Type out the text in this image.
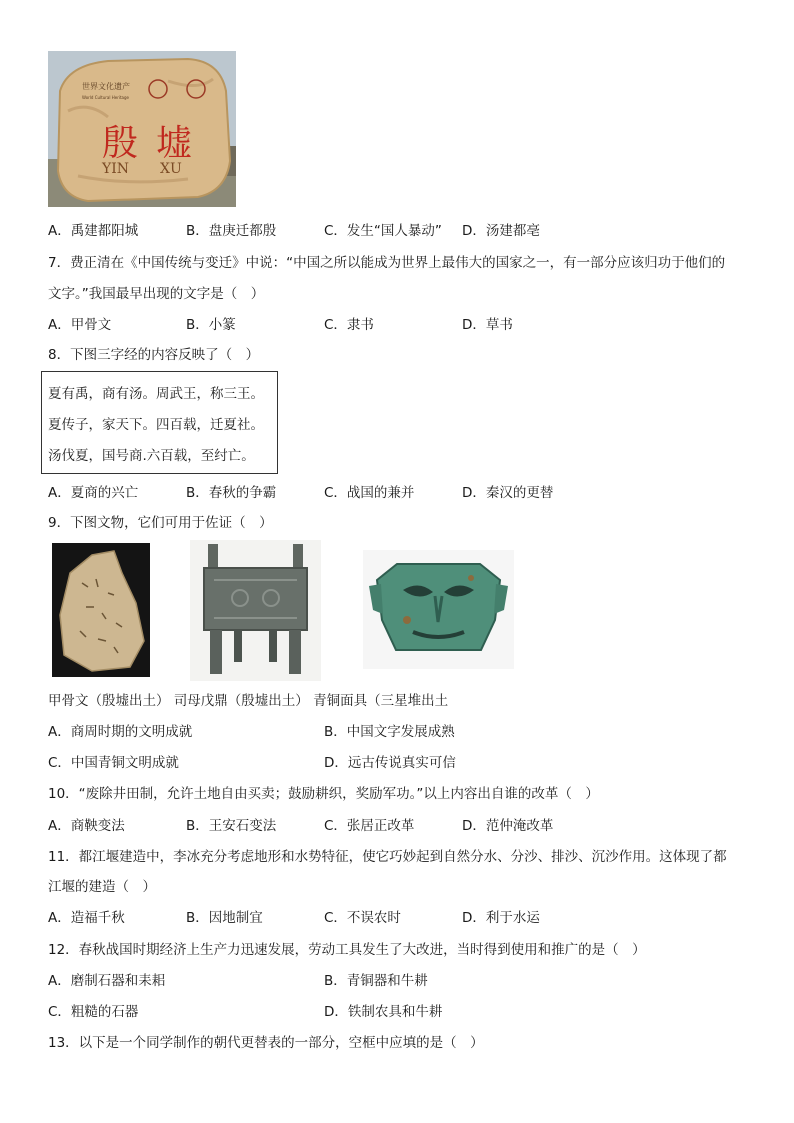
世界文化遗产
World Cultural Heritage
殷墟
YIN XU
A．禹建都阳城	B．盘庚迁都殷	C．发生“国人暴动” D．汤建都亳
7．费正清在《中国传统与变迁》中说：“中国之所以能成为世界上最伟大的国家之一，有一部分应该归功于他们的
文字。”我国最早出现的文字是（　）
A．甲骨文	B．小篆	C．隶书	D．草书
8．下图三字经的内容反映了（　）
夏有禹，商有汤。周武王，称三王。
夏传子，家天下。四百载，迁夏社。
汤伐夏，国号商.六百载，至纣亡。
A．夏商的兴亡	B．春秋的争霸	C．战国的兼并	D．秦汉的更替
9．下图文物，它们可用于佐证（　）
甲骨文（殷墟出土） 司母戊鼎（殷墟出土） 青铜面具（三星堆出土
A．商周时期的文明成就	B．中国文字发展成熟
C．中国青铜文明成就	D．远古传说真实可信
10．“废除井田制，允许土地自由买卖；鼓励耕织，奖励军功。”以上内容出自谁的改革（　）
A．商鞅变法	B．王安石变法	C．张居正改革	D．范仲淹改革
11．都江堰建造中，李冰充分考虑地形和水势特征，使它巧妙起到自然分水、分沙、排沙、沉沙作用。这体现了都
江堰的建造（　）
A．造福千秋	B．因地制宜	C．不误农时	D．利于水运
12．春秋战国时期经济上生产力迅速发展，劳动工具发生了大改进，当时得到使用和推广的是（　）
A．磨制石器和耒耜	B．青铜器和牛耕
C．粗糙的石器	D．铁制农具和牛耕
13．以下是一个同学制作的朝代更替表的一部分，空框中应填的是（　）
